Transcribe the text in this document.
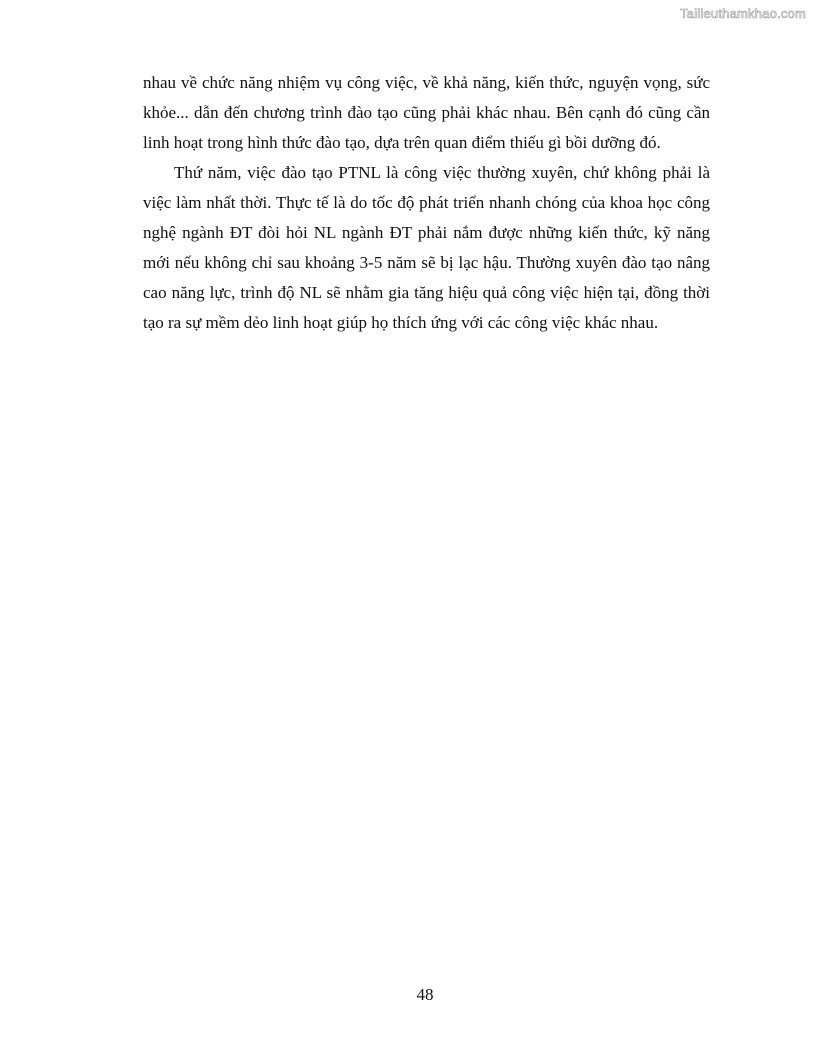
Tailieuthamkhao.com

nhau về chức năng nhiệm vụ công việc, về khả năng, kiến thức, nguyện vọng, sức khỏe... dẫn đến chương trình đào tạo cũng phải khác nhau. Bên cạnh đó cũng cần linh hoạt trong hình thức đào tạo, dựa trên quan điểm thiếu gì bồi dưỡng đó.

Thứ năm, việc đào tạo PTNL là công việc thường xuyên, chứ không phải là việc làm nhất thời. Thực tế là do tốc độ phát triển nhanh chóng của khoa học công nghệ ngành ĐT đòi hỏi NL ngành ĐT phải nắm được những kiến thức, kỹ năng mới nếu không chỉ sau khoảng 3-5 năm sẽ bị lạc hậu. Thường xuyên đào tạo nâng cao năng lực, trình độ NL sẽ nhằm gia tăng hiệu quả công việc hiện tại, đồng thời tạo ra sự mềm dẻo linh hoạt giúp họ thích ứng với các công việc khác nhau.

48
